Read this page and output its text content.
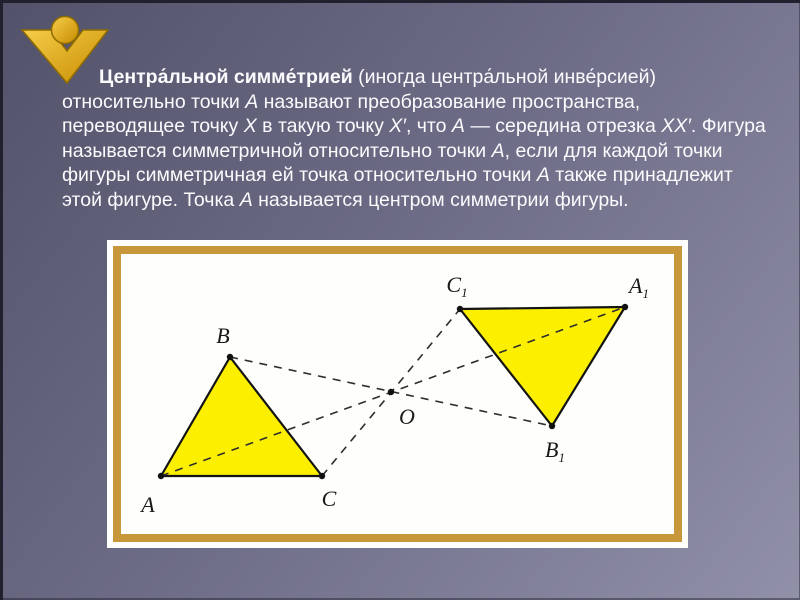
Центра́льной симме́трией (иногда центра́льной инве́рсией)
относительно точки А называют преобразование пространства,
переводящее точку Х в такую точку Х′, что А — середина отрезка ХХ′. Фигура
называется симметричной относительно точки А, если для каждой точки
фигуры симметричная ей точка относительно точки А также принадлежит
этой фигуре. Точка А называется центром симметрии фигуры.

A
B
C
O
$C_1$	$A_1$
$B_1$
